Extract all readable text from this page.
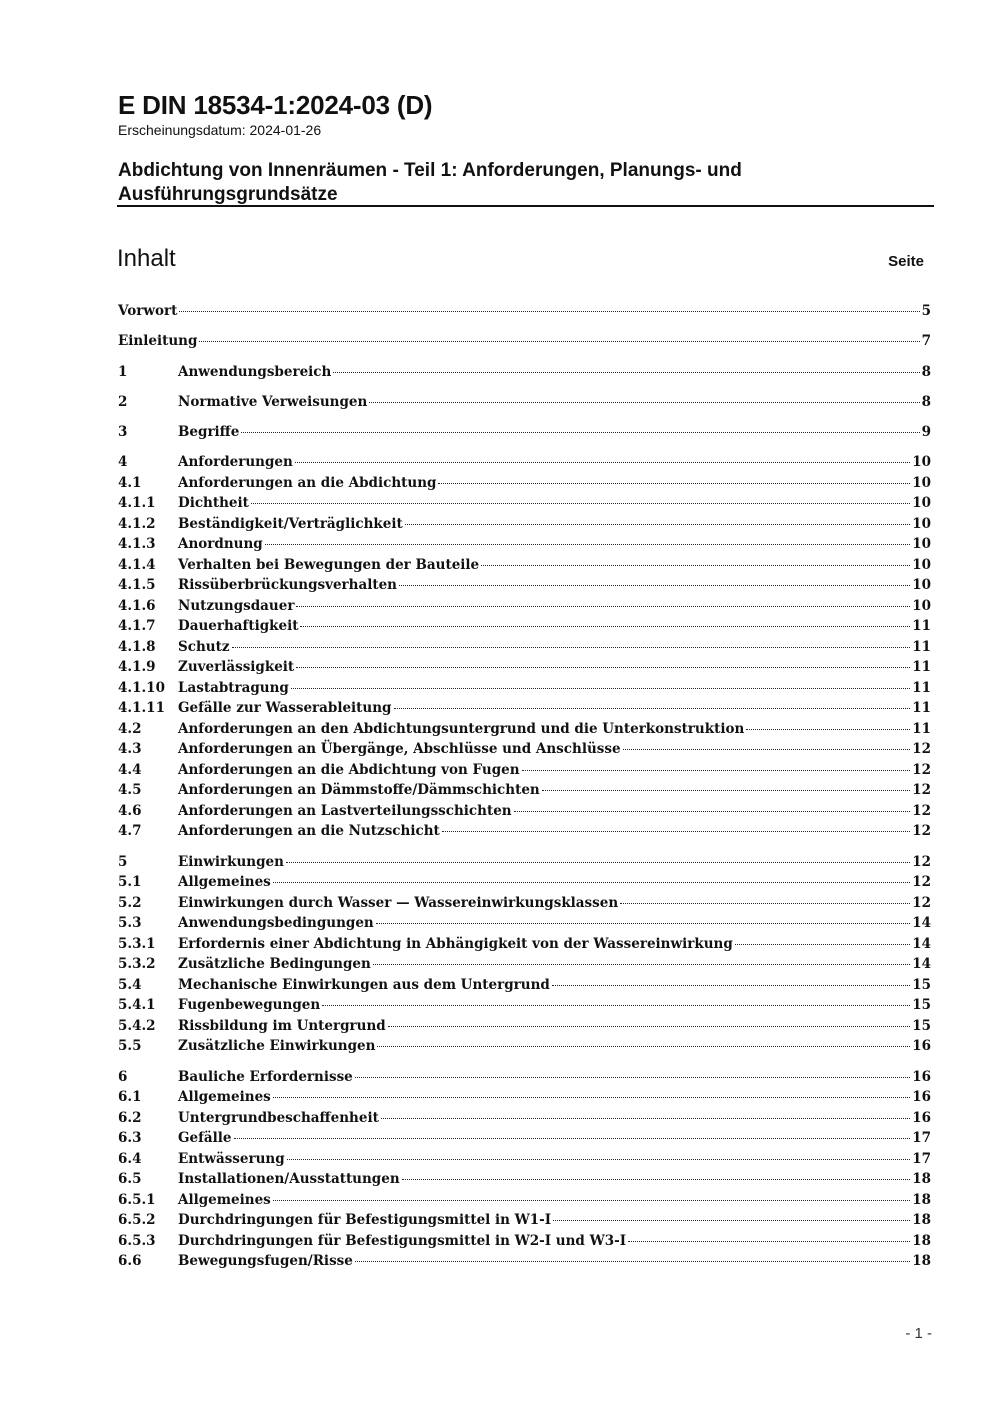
E DIN 18534-1:2024-03 (D)
Erscheinungsdatum: 2024-01-26
Abdichtung von Innenräumen - Teil 1: Anforderungen, Planungs- und Ausführungsgrundsätze
Inhalt	Seite
Vorwort	5
Einleitung	7
1	Anwendungsbereich	8
2	Normative Verweisungen	8
3	Begriffe	9
4	Anforderungen	10
4.1	Anforderungen an die Abdichtung	10
4.1.1	Dichtheit	10
4.1.2	Beständigkeit/Verträglichkeit	10
4.1.3	Anordnung	10
4.1.4	Verhalten bei Bewegungen der Bauteile	10
4.1.5	Rissüberbrückungsverhalten	10
4.1.6	Nutzungsdauer	10
4.1.7	Dauerhaftigkeit	11
4.1.8	Schutz	11
4.1.9	Zuverlässigkeit	11
4.1.10 Lastabtragung	11
4.1.11 Gefälle zur Wasserableitung	11
4.2	Anforderungen an den Abdichtungsuntergrund und die Unterkonstruktion	11
4.3	Anforderungen an Übergänge, Abschlüsse und Anschlüsse	12
4.4	Anforderungen an die Abdichtung von Fugen	12
4.5	Anforderungen an Dämmstoffe/Dämmschichten	12
4.6	Anforderungen an Lastverteilungsschichten	12
4.7	Anforderungen an die Nutzschicht	12
5	Einwirkungen	12
5.1	Allgemeines	12
5.2	Einwirkungen durch Wasser — Wassereinwirkungsklassen	12
5.3	Anwendungsbedingungen	14
5.3.1	Erfordernis einer Abdichtung in Abhängigkeit von der Wassereinwirkung	14
5.3.2	Zusätzliche Bedingungen	14
5.4	Mechanische Einwirkungen aus dem Untergrund	15
5.4.1	Fugenbewegungen	15
5.4.2	Rissbildung im Untergrund	15
5.5	Zusätzliche Einwirkungen	16
6	Bauliche Erfordernisse	16
6.1	Allgemeines	16
6.2	Untergrundbeschaffenheit	16
6.3	Gefälle	17
6.4	Entwässerung	17
6.5	Installationen/Ausstattungen	18
6.5.1	Allgemeines	18
6.5.2	Durchdringungen für Befestigungsmittel in W1-I	18
6.5.3	Durchdringungen für Befestigungsmittel in W2-I und W3-I	18
6.6	Bewegungsfugen/Risse	18
- 1 -
